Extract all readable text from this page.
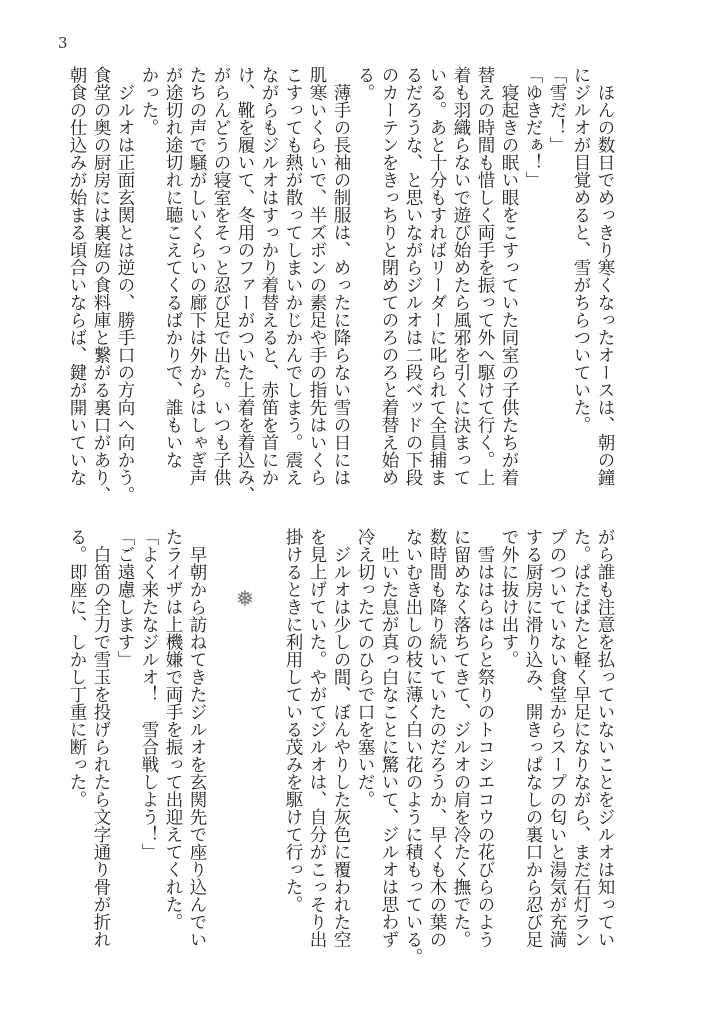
3
　ほんの数日でめっきり寒くなったオースは、朝の鐘
にジルオが目覚めると、雪がちらついていた。
「雪だ！」
「ゆきだぁ！」
　寝起きの眠い眼をこすっていた同室の子供たちが着
替えの時間も惜しく両手を振って外へ駆けて行く。上
着も羽織らないで遊び始めたら風邪を引くに決まって
いる。あと十分もすればリーダーに叱られて全員捕ま
るだろうな、と思いながらジルオは二段ベッドの下段
のカーテンをきっちりと閉めてのろのろと着替え始め
る。
　薄手の長袖の制服は、めったに降らない雪の日には
肌寒いくらいで、半ズボンの素足や手の指先はいくら
こすっても熱が散ってしまいかじかんでしまう。震え
ながらもジルオはすっかり着替えると、赤笛を首にか
け、靴を履いて、冬用のファーがついた上着を着込み、
がらんどうの寝室をそっと忍び足で出た。いつも子供
たちの声で騒がしいくらいの廊下は外からはしゃぎ声
が途切れ途切れに聴こえてくるばかりで、誰もいな
かった。
　ジルオは正面玄関とは逆の、勝手口の方向へ向かう。
食堂の奥の厨房には裏庭の食料庫と繋がる裏口があり、
朝食の仕込みが始まる頃合いならば、鍵が開いていな
がら誰も注意を払っていないことをジルオは知ってい
た。ぱたぱたと軽く早足になりながら、まだ石灯ラン
プのついていない食堂からスープの匂いと湯気が充満
する厨房に滑り込み、開きっぱなしの裏口から忍び足
で外に抜け出す。
　雪ははらはらと祭りのトコシエコウの花びらのよう
に留めなく落ちてきて、ジルオの肩を冷たく撫でた。
数時間も降り続いていたのだろうか、早くも木の葉の
ないむき出しの枝に薄く白い花のように積もっている。
　吐いた息が真っ白なことに驚いて、ジルオは思わず
冷え切ったてのひらで口を塞いだ。
　ジルオは少しの間、ぼんやりした灰色に覆われた空
を見上げていた。やがてジルオは、自分がこっそり出
掛けるときに利用している茂みを駆けて行った。
　早朝から訪ねてきたジルオを玄関先で座り込んでい
たライザは上機嫌で両手を振って出迎えてくれた。
「よく来たなジルオ！　雪合戦しよう！」
「ご遠慮します」
　白笛の全力で雪玉を投げられたら文字通り骨が折れ
る。即座に、しかし丁重に断った。	❅
